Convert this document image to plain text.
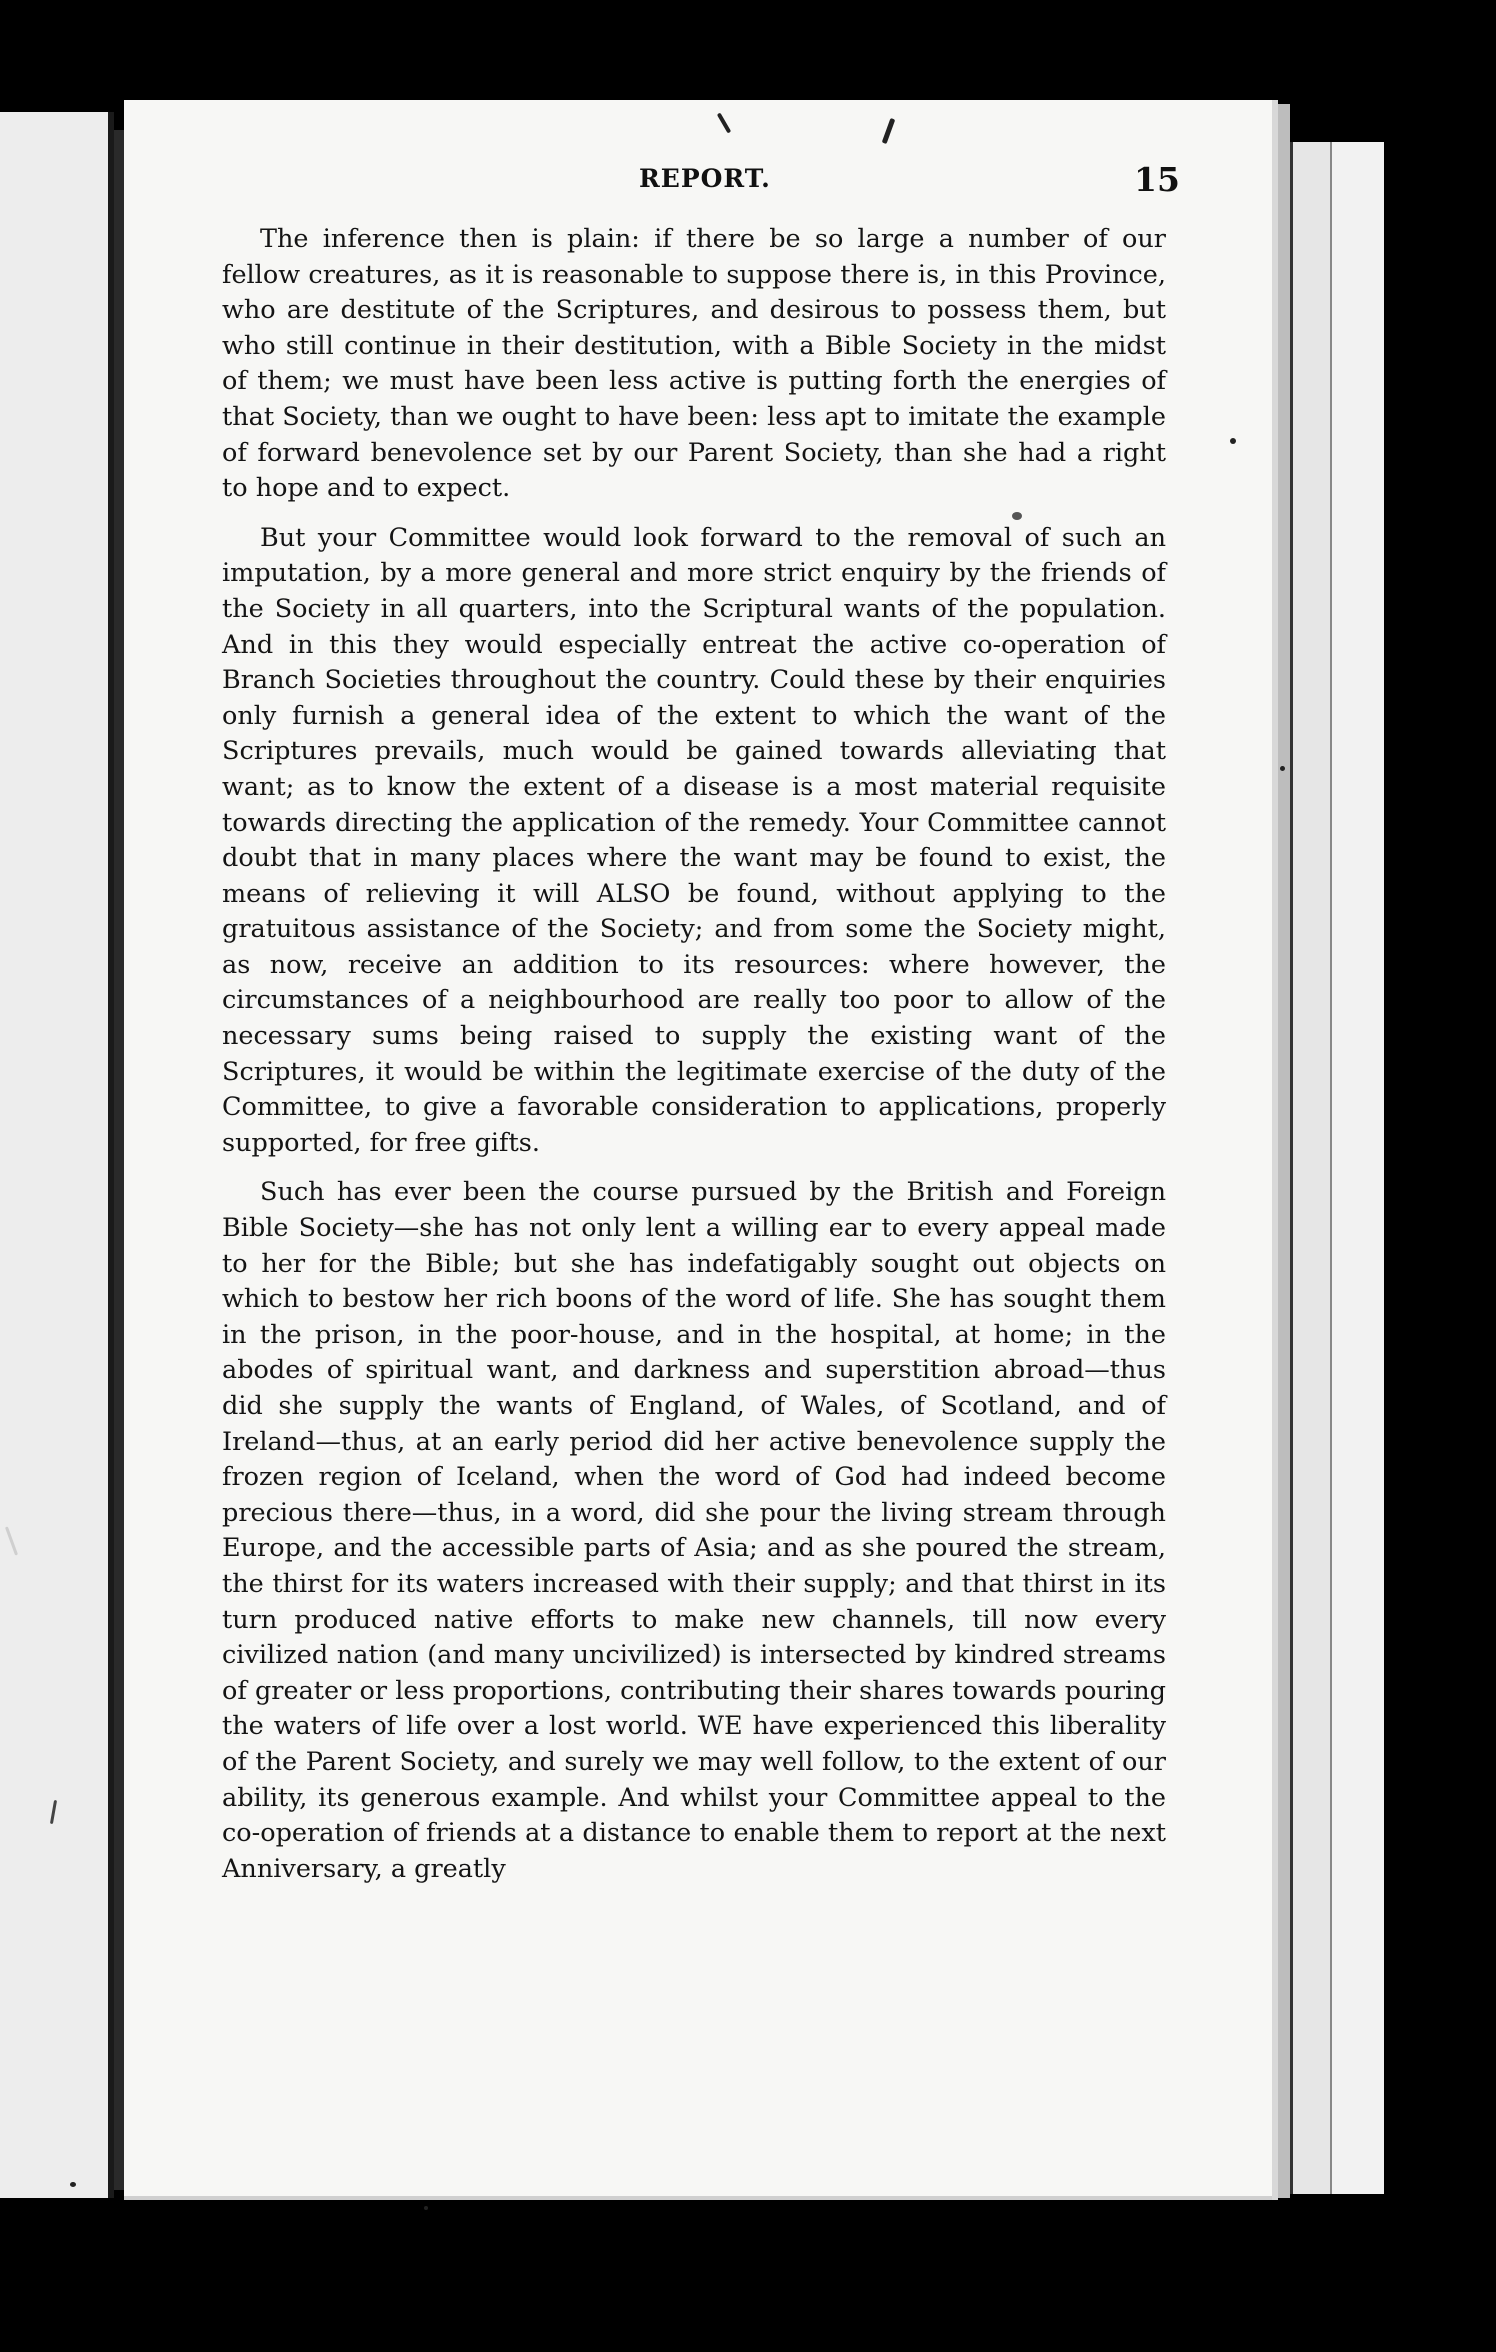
REPORT.	15

The inference then is plain: if there be so large a number of our fellow creatures, as it is reasonable to suppose there is, in this Province, who are destitute of the Scriptures, and desirous to possess them, but who still continue in their destitution, with a Bible Society in the midst of them; we must have been less active is putting forth the energies of that Society, than we ought to have been: less apt to imitate the example of forward benevolence set by our Parent Society, than she had a right to hope and to expect.

But your Committee would look forward to the removal of such an imputation, by a more general and more strict enquiry by the friends of the Society in all quarters, into the Scriptural wants of the population. And in this they would especially entreat the active co-operation of Branch Societies throughout the country. Could these by their enquiries only furnish a general idea of the extent to which the want of the Scriptures prevails, much would be gained towards alleviating that want; as to know the extent of a disease is a most material requisite towards directing the application of the remedy. Your Committee cannot doubt that in many places where the want may be found to exist, the means of relieving it will ALSO be found, without applying to the gratuitous assistance of the Society; and from some the Society might, as now, receive an addition to its resources: where however, the circumstances of a neighbourhood are really too poor to allow of the necessary sums being raised to supply the existing want of the Scriptures, it would be within the legitimate exercise of the duty of the Committee, to give a favorable consideration to applications, properly supported, for free gifts.

Such has ever been the course pursued by the British and Foreign Bible Society—she has not only lent a willing ear to every appeal made to her for the Bible; but she has indefatigably sought out objects on which to bestow her rich boons of the word of life. She has sought them in the prison, in the poor-house, and in the hospital, at home; in the abodes of spiritual want, and darkness and superstition abroad—thus did she supply the wants of England, of Wales, of Scotland, and of Ireland—thus, at an early period did her active benevolence supply the frozen region of Iceland, when the word of God had indeed become precious there—thus, in a word, did she pour the living stream through Europe, and the accessible parts of Asia; and as she poured the stream, the thirst for its waters increased with their supply; and that thirst in its turn produced native efforts to make new channels, till now every civilized nation (and many uncivilized) is intersected by kindred streams of greater or less proportions, contributing their shares towards pouring the waters of life over a lost world. WE have experienced this liberality of the Parent Society, and surely we may well follow, to the extent of our ability, its generous example. And whilst your Committee appeal to the co-operation of friends at a distance to enable them to report at the next Anniversary, a greatly
